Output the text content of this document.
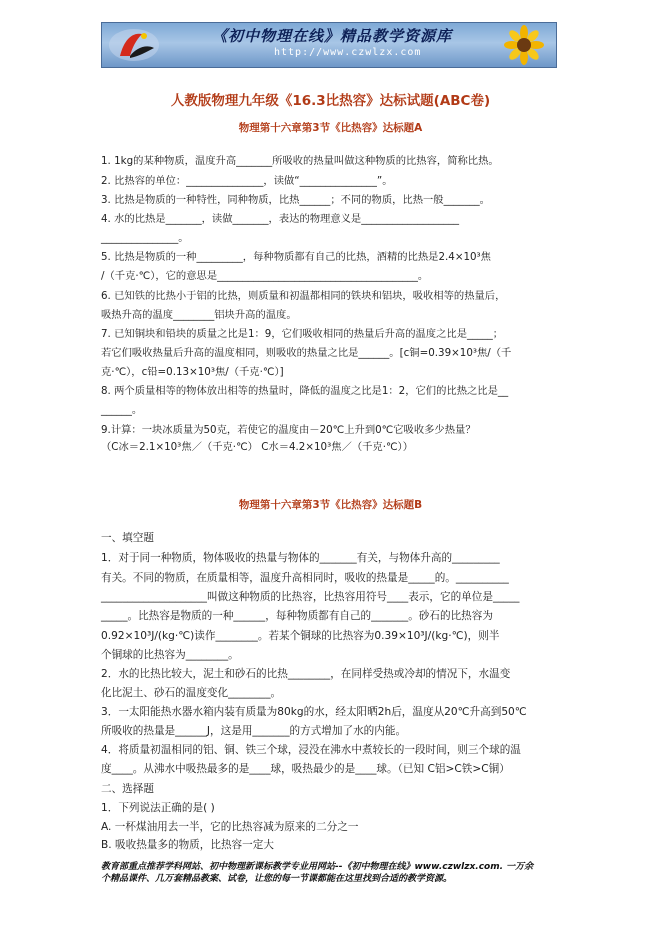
《初中物理在线》精品教学资源库
http://www.czwlzx.com
人教版物理九年级《16.3比热容》达标试题(ABC卷)
物理第十六章第3节《比热容》达标题A
1. 1kg的某种物质，温度升高_______所吸收的热量叫做这种物质的比热容，简称比热。
2. 比热容的单位：_______________，读做“_______________”。
3. 比热是物质的一种特性，同种物质，比热______；不同的物质，比热一般_______。
4. 水的比热是_______，读做_______，表达的物理意义是___________________
_______________。
5. 比热是物质的一种_________，每种物质都有自己的比热，酒精的比热是2.4×10³焦
/（千克·℃），它的意思是_______________________________________。
6. 已知铁的比热小于铝的比热，则质量和初温都相同的铁块和铝块，吸收相等的热量后，
吸热升高的温度________铝块升高的温度。
7. 已知铜块和铅块的质量之比是1：9，它们吸收相同的热量后升高的温度之比是_____；
若它们吸收热量后升高的温度相同，则吸收的热量之比是______。[c铜=0.39×10³焦/（千
克·℃），c铅=0.13×10³焦/（千克·℃）]
8. 两个质量相等的物体放出相等的热量时，降低的温度之比是1：2，它们的比热之比是__
______。
9.计算：一块冰质量为50克，若使它的温度由－20℃上升到0℃它吸收多少热量？
（C冰＝2.1×10³焦／（千克·℃） C水＝4.2×10³焦／（千克·℃））
物理第十六章第3节《比热容》达标题B
一、填空题
1．对于同一种物质，物体吸收的热量与物体的_______有关，与物体升高的_________
有关。不同的物质，在质量相等，温度升高相同时，吸收的热量是_____的。__________
____________________叫做这种物质的比热容，比热容用符号____表示，它的单位是_____
_____。比热容是物质的一种______，每种物质都有自己的_______。砂石的比热容为
0.92×10³J/(kg·℃)读作________。若某个铜球的比热容为0.39×10³J/(kg·℃)，则半
个铜球的比热容为________。
2．水的比热比较大，泥土和砂石的比热________，在同样受热或冷却的情况下，水温变
化比泥土、砂石的温度变化________。
3．一太阳能热水器水箱内装有质量为80kg的水，经太阳晒2h后，温度从20℃升高到50℃
所吸收的热量是______J，这是用_______的方式增加了水的内能。
4．将质量初温相同的铝、铜、铁三个球，浸没在沸水中煮较长的一段时间，则三个球的温
度____。从沸水中吸热最多的是____球，吸热最少的是____球。（已知 C铝>C铁>C铜）
二、选择题
1．下列说法正确的是( )
A. 一杯煤油用去一半，它的比热容减为原来的二分之一
B. 吸收热量多的物质，比热容一定大
教育部重点推荐学科网站、初中物理新课标教学专业用网站--《初中物理在线》www.czwlzx.com. 一万余
个精品课件、几万套精品教案、试卷，让您的每一节课都能在这里找到合适的教学资源。
